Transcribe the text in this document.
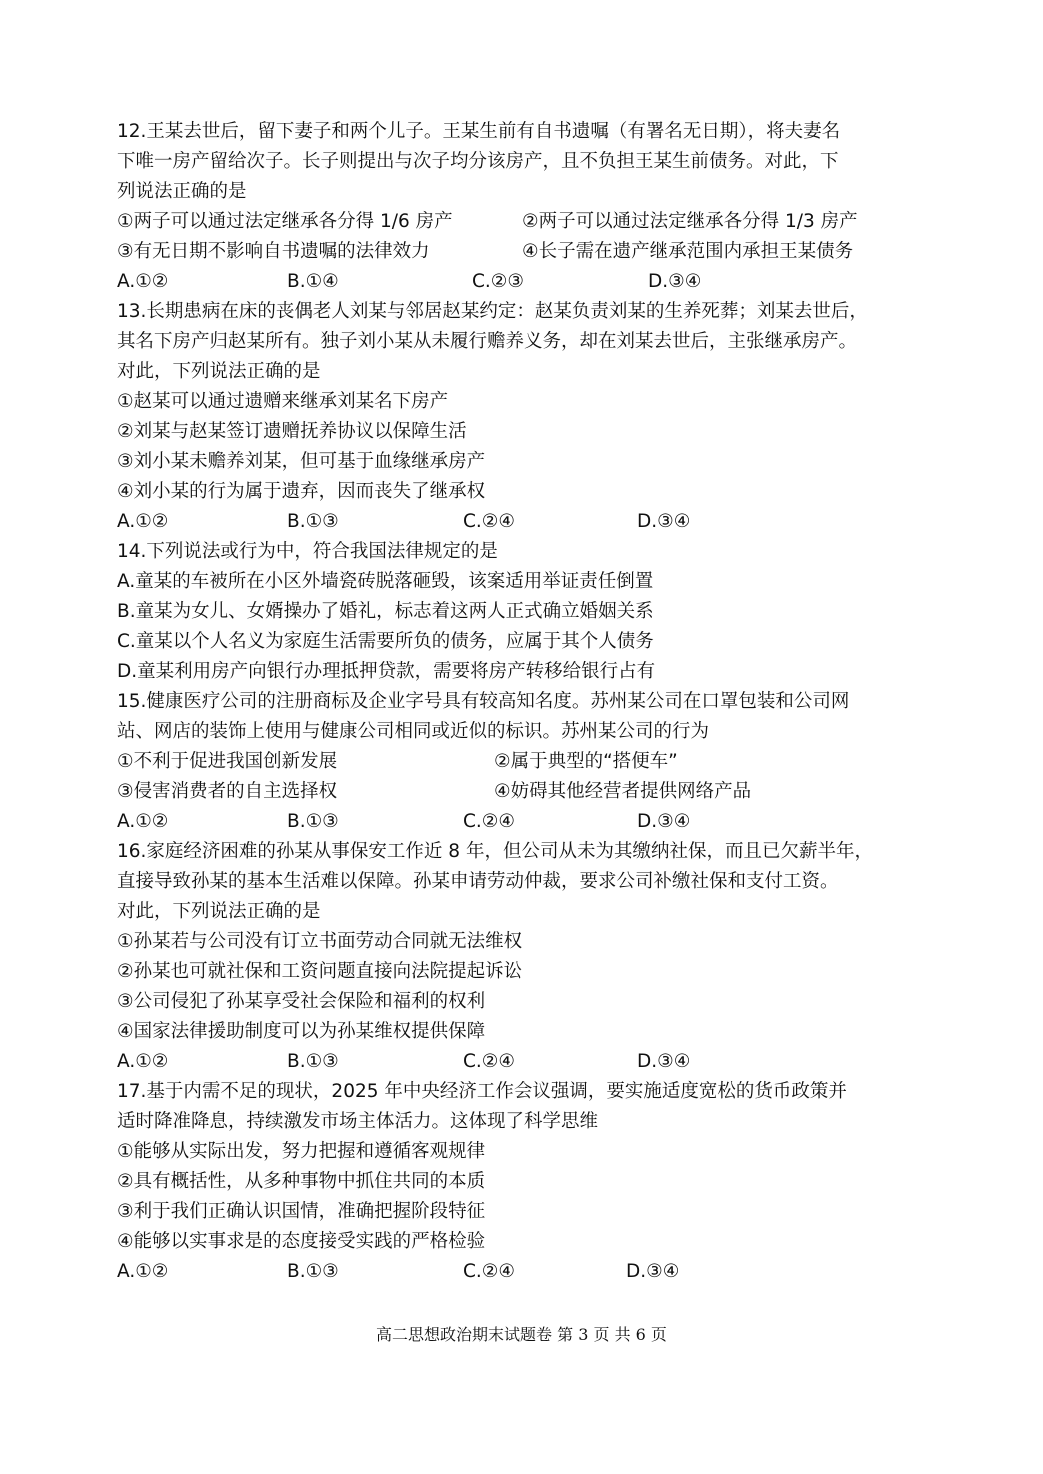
12.王某去世后，留下妻子和两个儿子。王某生前有自书遗嘱（有署名无日期），将夫妻名
下唯一房产留给次子。长子则提出与次子均分该房产，且不负担王某生前债务。对此，下
列说法正确的是
①两子可以通过法定继承各分得 1/6 房产	②两子可以通过法定继承各分得 1/3 房产
③有无日期不影响自书遗嘱的法律效力	④长子需在遗产继承范围内承担王某债务
A.①②	B.①④	C.②③	D.③④
13.长期患病在床的丧偶老人刘某与邻居赵某约定：赵某负责刘某的生养死葬；刘某去世后，
其名下房产归赵某所有。独子刘小某从未履行赡养义务，却在刘某去世后，主张继承房产。
对此，下列说法正确的是
①赵某可以通过遗赠来继承刘某名下房产
②刘某与赵某签订遗赠抚养协议以保障生活
③刘小某未赡养刘某，但可基于血缘继承房产
④刘小某的行为属于遗弃，因而丧失了继承权
A.①②	B.①③	C.②④	D.③④
14.下列说法或行为中，符合我国法律规定的是
A.童某的车被所在小区外墙瓷砖脱落砸毁，该案适用举证责任倒置
B.童某为女儿、女婿操办了婚礼，标志着这两人正式确立婚姻关系
C.童某以个人名义为家庭生活需要所负的债务，应属于其个人债务
D.童某利用房产向银行办理抵押贷款，需要将房产转移给银行占有
15.健康医疗公司的注册商标及企业字号具有较高知名度。苏州某公司在口罩包装和公司网
站、网店的装饰上使用与健康公司相同或近似的标识。苏州某公司的行为
①不利于促进我国创新发展	②属于典型的“搭便车”
③侵害消费者的自主选择权	④妨碍其他经营者提供网络产品
A.①②	B.①③	C.②④	D.③④
16.家庭经济困难的孙某从事保安工作近 8 年，但公司从未为其缴纳社保，而且已欠薪半年，
直接导致孙某的基本生活难以保障。孙某申请劳动仲裁，要求公司补缴社保和支付工资。
对此，下列说法正确的是
①孙某若与公司没有订立书面劳动合同就无法维权
②孙某也可就社保和工资问题直接向法院提起诉讼
③公司侵犯了孙某享受社会保险和福利的权利
④国家法律援助制度可以为孙某维权提供保障
A.①②	B.①③	C.②④	D.③④
17.基于内需不足的现状，2025 年中央经济工作会议强调，要实施适度宽松的货币政策并
适时降准降息，持续激发市场主体活力。这体现了科学思维
①能够从实际出发，努力把握和遵循客观规律
②具有概括性，从多种事物中抓住共同的本质
③利于我们正确认识国情，准确把握阶段特征
④能够以实事求是的态度接受实践的严格检验
A.①②	B.①③	C.②④	D.③④
高二思想政治期末试题卷 第 3 页 共 6 页
